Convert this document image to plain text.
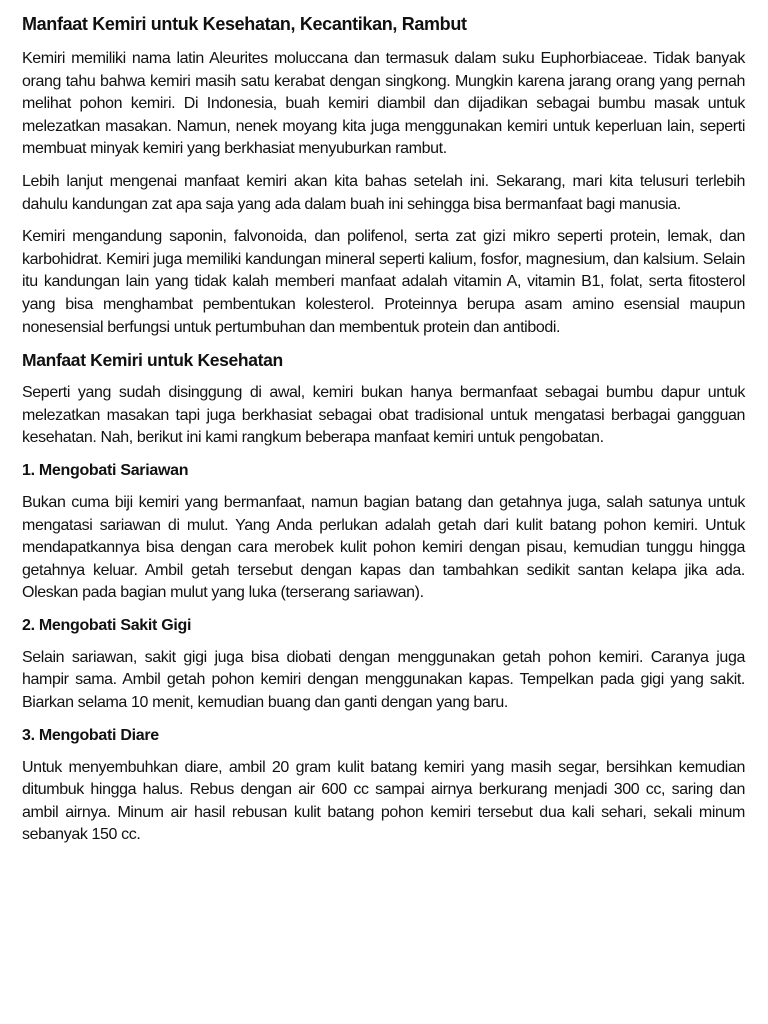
Manfaat Kemiri untuk Kesehatan, Kecantikan, Rambut

Kemiri memiliki nama latin Aleurites moluccana dan termasuk dalam suku Euphorbiaceae. Tidak banyak orang tahu bahwa kemiri masih satu kerabat dengan singkong. Mungkin karena jarang orang yang pernah melihat pohon kemiri. Di Indonesia, buah kemiri diambil dan dijadikan sebagai bumbu masak untuk melezatkan masakan. Namun, nenek moyang kita juga menggunakan kemiri untuk keperluan lain, seperti membuat minyak kemiri yang berkhasiat menyuburkan rambut.

Lebih lanjut mengenai manfaat kemiri akan kita bahas setelah ini. Sekarang, mari kita telusuri terlebih dahulu kandungan zat apa saja yang ada dalam buah ini sehingga bisa bermanfaat bagi manusia.

Kemiri mengandung saponin, falvonoida, dan polifenol, serta zat gizi mikro seperti protein, lemak, dan karbohidrat. Kemiri juga memiliki kandungan mineral seperti kalium, fosfor, magnesium, dan kalsium. Selain itu kandungan lain yang tidak kalah memberi manfaat adalah vitamin A, vitamin B1, folat, serta fitosterol yang bisa menghambat pembentukan kolesterol. Proteinnya berupa asam amino esensial maupun nonesensial berfungsi untuk pertumbuhan dan membentuk protein dan antibodi.

Manfaat Kemiri untuk Kesehatan

Seperti yang sudah disinggung di awal, kemiri bukan hanya bermanfaat sebagai bumbu dapur untuk melezatkan masakan tapi juga berkhasiat sebagai obat tradisional untuk mengatasi berbagai gangguan kesehatan. Nah, berikut ini kami rangkum beberapa manfaat kemiri untuk pengobatan.

1. Mengobati Sariawan

Bukan cuma biji kemiri yang bermanfaat, namun bagian batang dan getahnya juga, salah satunya untuk mengatasi sariawan di mulut. Yang Anda perlukan adalah getah dari kulit batang pohon kemiri. Untuk mendapatkannya bisa dengan cara merobek kulit pohon kemiri dengan pisau, kemudian tunggu hingga getahnya keluar. Ambil getah tersebut dengan kapas dan tambahkan sedikit santan kelapa jika ada. Oleskan pada bagian mulut yang luka (terserang sariawan).

2. Mengobati Sakit Gigi

Selain sariawan, sakit gigi juga bisa diobati dengan menggunakan getah pohon kemiri. Caranya juga hampir sama. Ambil getah pohon kemiri dengan menggunakan kapas. Tempelkan pada gigi yang sakit. Biarkan selama 10 menit, kemudian buang dan ganti dengan yang baru.

3. Mengobati Diare

Untuk menyembuhkan diare, ambil 20 gram kulit batang kemiri yang masih segar, bersihkan kemudian ditumbuk hingga halus. Rebus dengan air 600 cc sampai airnya berkurang menjadi 300 cc, saring dan ambil airnya. Minum air hasil rebusan kulit batang pohon kemiri tersebut dua kali sehari, sekali minum sebanyak 150 cc.
